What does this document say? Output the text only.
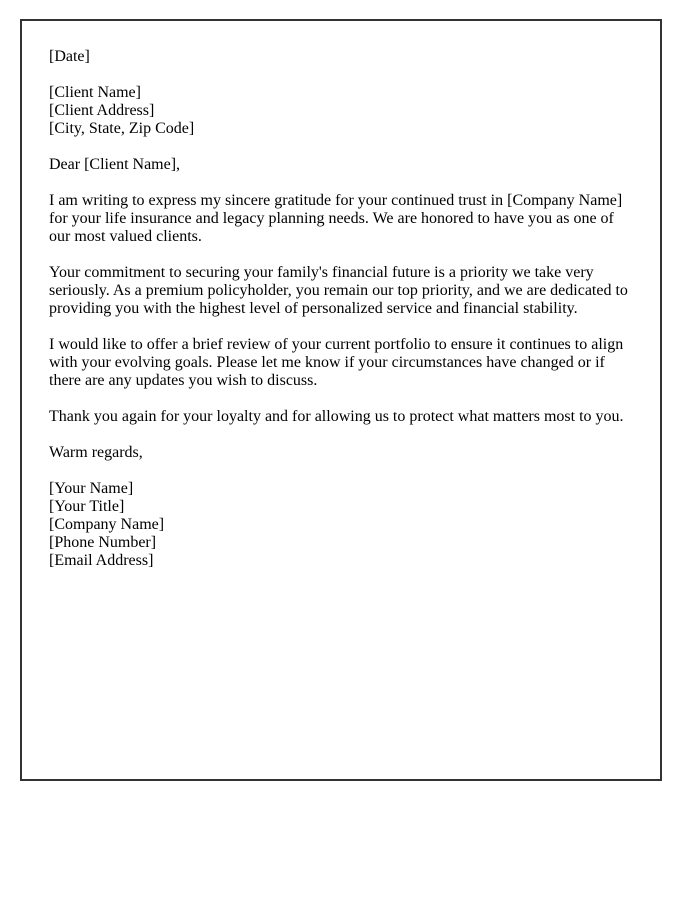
[Date]
[Client Name]
[Client Address]
[City, State, Zip Code]
Dear [Client Name],

I am writing to express my sincere gratitude for your continued trust in [Company Name] for your life insurance and legacy planning needs. We are honored to have you as one of our most valued clients.

Your commitment to securing your family's financial future is a priority we take very seriously. As a premium policyholder, you remain our top priority, and we are dedicated to providing you with the highest level of personalized service and financial stability.

I would like to offer a brief review of your current portfolio to ensure it continues to align with your evolving goals. Please let me know if your circumstances have changed or if there are any updates you wish to discuss.

Thank you again for your loyalty and for allowing us to protect what matters most to you.

Warm regards,
[Your Name]
[Your Title]
[Company Name]
[Phone Number]
[Email Address]
